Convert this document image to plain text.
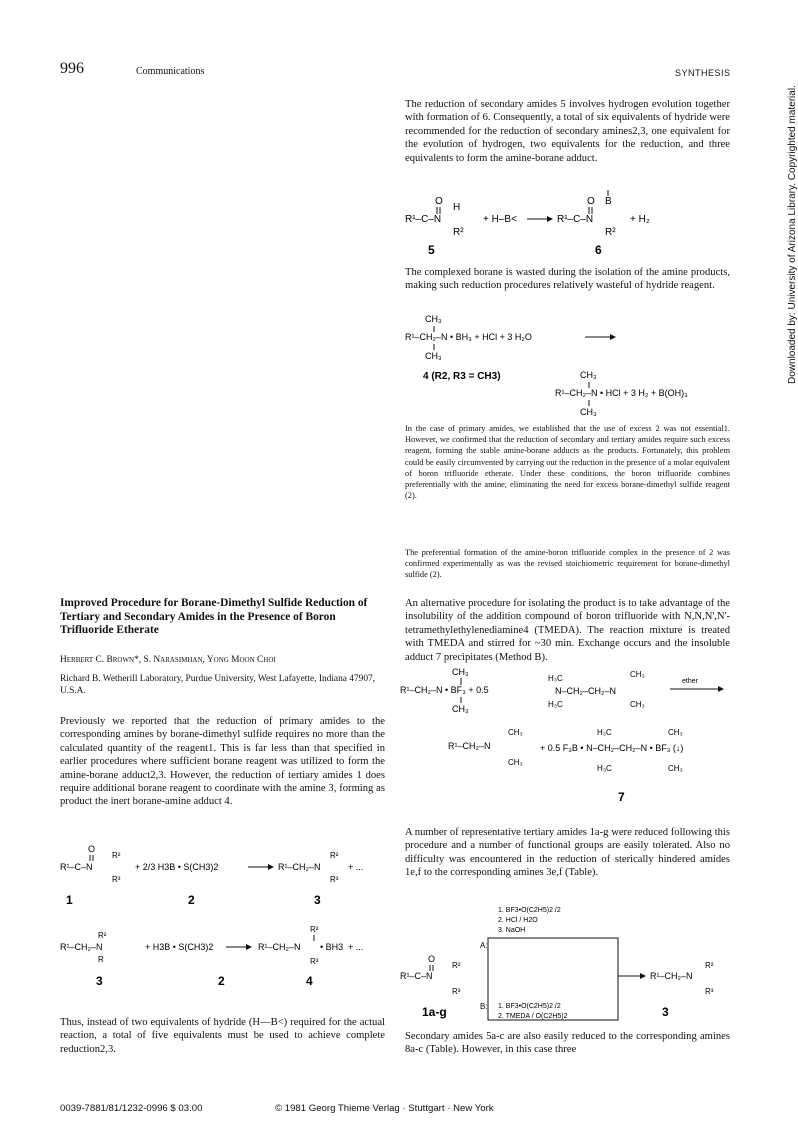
996	Communications	SYNTHESIS
The reduction of secondary amides 5 involves hydrogen evolution together with formation of 6. Consequently, a total of six equivalents of hydride were recommended for the reduction of secondary amines2,3, one equivalent for the evolution of hydrogen, two equivalents for the reduction, and three equivalents to form the amine-borane adduct.
R¹–C–N
O
H
R²
+ H–B<	R¹–C–N
O B
R²
+ H₂
5	6
The complexed borane is wasted during the isolation of the amine products, making such reduction procedures relatively wasteful of hydride reagent.
CH₃
R¹–CH₂–N • BH₃ + HCl + 3 H₂O
CH₃
4 (R2, R3 = CH3)	CH₃
R¹–CH₂–N • HCl + 3 H₂ + B(OH)₃
CH₃
In the case of primary amides, we established that the use of excess 2 was not essential1. However, we confirmed that the reduction of secondary and tertiary amides require such excess reagent, forming the stable amine-borane adducts as the products. Fortunately, this problem could be easily circumvented by carrying out the reduction in the presence of a molar equivalent of boron trifluoride etherate. Under these conditions, the boron trifluoride combines preferentially with the amine, eliminating the need for excess borane-dimethyl sulfide reagent (2).
The preferential formation of the amine-boron trifluoride complex in the presence of 2 was confirmed experimentally as was the revised stoichiometric requirement for borane-dimethyl sulfide (2).
An alternative procedure for isolating the product is to take advantage of the insolubility of the addition compound of boron trifluoride with N,N,N',N'-tetramethylethylenediamine4 (TMEDA). The reaction mixture is treated with TMEDA and stirred for ~30 min. Exchange occurs and the insoluble adduct 7 precipitates (Method B).
CH₃
R¹–CH₂–N • BF₃ + 0.5
CH₃
H₃C
H₃C
N–CH₂–CH₂–N
CH₃
CH₃
ether
CH₃
R¹–CH₂–N
CH₃
+ 0.5 F₃B • N–CH₂–CH₂–N • BF₃ (↓)
H₃C	CH₃
H₃C	CH₃
7
A number of representative tertiary amides 1a-g were reduced following this procedure and a number of functional groups are easily tolerated. Also no difficulty was encountered in the reduction of sterically hindered amides 1e,f to the corresponding amines 3e,f (Table).
1. BF3•O(C2H5)2 /2
2. HCl / H2O
3. NaOH
A:
B: 1. BF3•O(C2H5)2 /2
2. TMEDA / O(C2H5)2
O
R¹–C–N
R²
R³
R¹–CH₂–N
R²
R³
1a-g	3
Secondary amides 5a-c are also easily reduced to the corresponding amines 8a-c (Table). However, in this case three
Improved Procedure for Borane-Dimethyl Sulfide Reduction of Tertiary and Secondary Amides in the Presence of Boron Trifluoride Etherate
Herbert C. Brown*, S. Narasimhan, Yong Moon Choi
Richard B. Wetherill Laboratory, Purdue University, West Lafayette, Indiana 47907, U.S.A.
Previously we reported that the reduction of primary amides to the corresponding amines by borane-dimethyl sulfide requires no more than the calculated quantity of the reagent1. This is far less than that specified in earlier procedures where sufficient borane reagent was utilized to form the amine-borane adduct2,3. However, the reduction of tertiary amides 1 does require additional borane reagent to coordinate with the amine 3, forming as product the inert borane-amine adduct 4.
O
R¹–C–N
R²
R³
+ 2/3 H3B • S(CH3)2	R¹–CH₂–N
R²
R³
+ ...
1	2	3
R²
R¹–CH₂–N
R
+ H3B • S(CH3)2
R²
R¹–CH₂–N • BH3
R³
+ ...
3	2	4
Thus, instead of two equivalents of hydride (H—B<) required for the actual reaction, a total of five equivalents must be used to achieve complete reduction2,3.
0039-7881/81/1232-0996 $ 03.00	© 1981 Georg Thieme Verlag · Stuttgart · New York
Downloaded by: University of Arizona Library. Copyrighted material.
